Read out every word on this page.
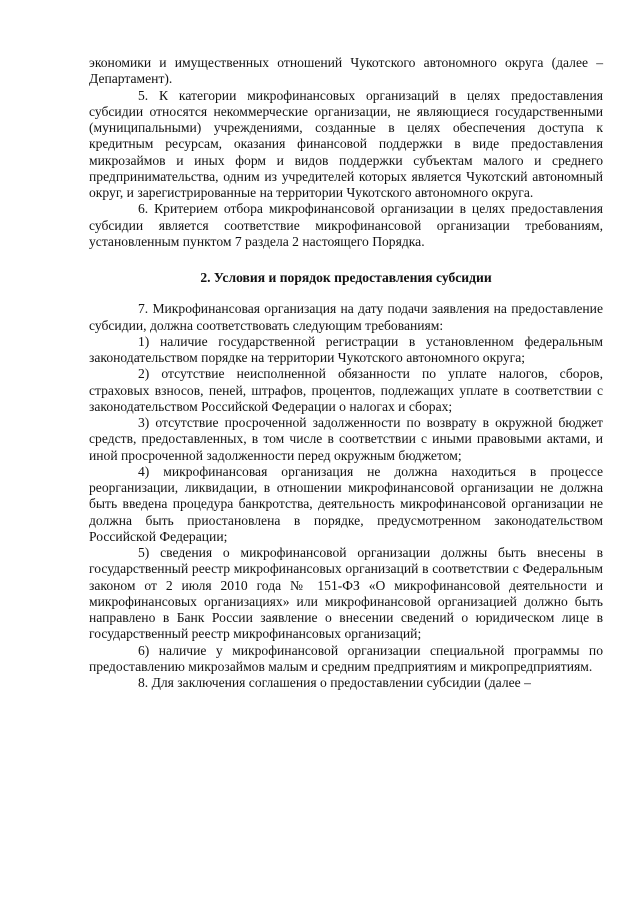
экономики и имущественных отношений Чукотского автономного округа (далее – Департамент).

5. К категории микрофинансовых организаций в целях предоставления субсидии относятся некоммерческие организации, не являющиеся государственными (муниципальными) учреждениями, созданные в целях обеспечения доступа к кредитным ресурсам, оказания финансовой поддержки в виде предоставления микрозаймов и иных форм и видов поддержки субъектам малого и среднего предпринимательства, одним из учредителей которых является Чукотский автономный округ, и зарегистрированные на территории Чукотского автономного округа.

6. Критерием отбора микрофинансовой организации в целях предоставления субсидии является соответствие микрофинансовой организации требованиям, установленным пунктом 7 раздела 2 настоящего Порядка.

2. Условия и порядок предоставления субсидии

7. Микрофинансовая организация на дату подачи заявления на предоставление субсидии, должна соответствовать следующим требованиям:

1) наличие государственной регистрации в установленном федеральным законодательством порядке на территории Чукотского автономного округа;

2) отсутствие неисполненной обязанности по уплате налогов, сборов, страховых взносов, пеней, штрафов, процентов, подлежащих уплате в соответствии с законодательством Российской Федерации о налогах и сборах;

3) отсутствие просроченной задолженности по возврату в окружной бюджет средств, предоставленных, в том числе в соответствии с иными правовыми актами, и иной просроченной задолженности перед окружным бюджетом;

4) микрофинансовая организация не должна находиться в процессе реорганизации, ликвидации, в отношении микрофинансовой организации не должна быть введена процедура банкротства, деятельность микрофинансовой организации не должна быть приостановлена в порядке, предусмотренном законодательством Российской Федерации;

5) сведения о микрофинансовой организации должны быть внесены в государственный реестр микрофинансовых организаций в соответствии с Федеральным законом от 2 июля 2010 года № 151-ФЗ «О микрофинансовой деятельности и микрофинансовых организациях» или микрофинансовой организацией должно быть направлено в Банк России заявление о внесении сведений о юридическом лице в государственный реестр микрофинансовых организаций;

6) наличие у микрофинансовой организации специальной программы по предоставлению микрозаймов малым и средним предприятиям и микропредприятиям.

8. Для заключения соглашения о предоставлении субсидии (далее –
